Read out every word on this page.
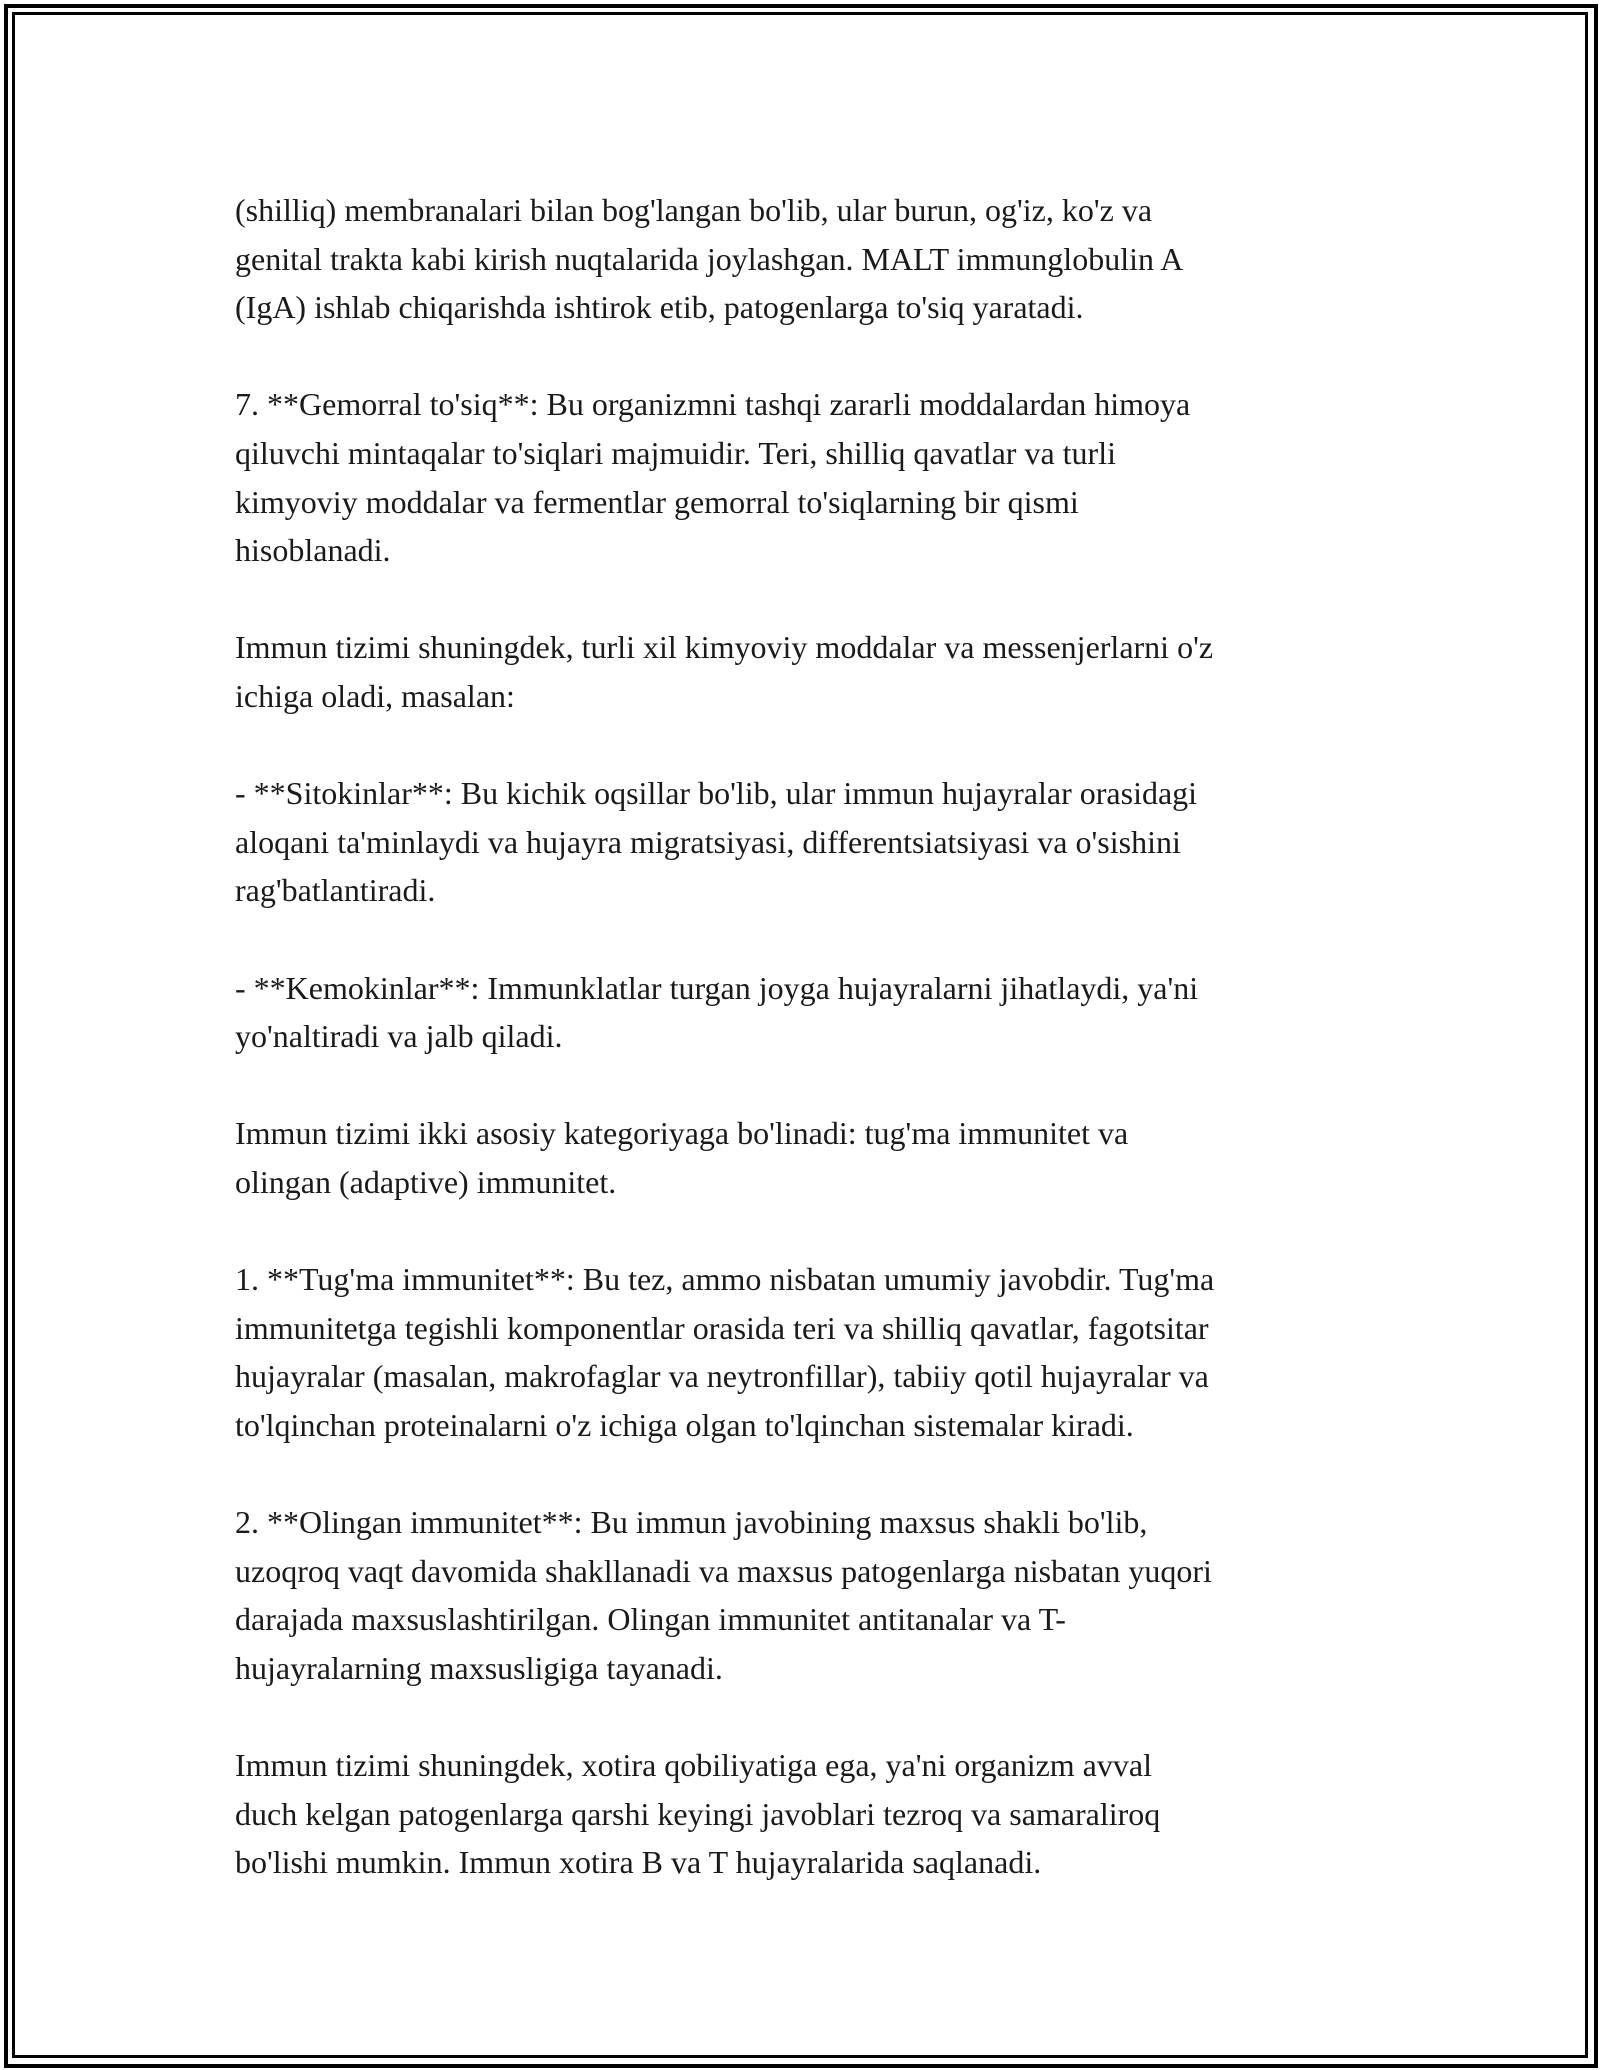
(shilliq) membranalari bilan bog'langan bo'lib, ular burun, og'iz, ko'z va
genital trakta kabi kirish nuqtalarida joylashgan. MALT immunglobulin A
(IgA) ishlab chiqarishda ishtirok etib, patogenlarga to'siq yaratadi.

7. **Gemorral to'siq**: Bu organizmni tashqi zararli moddalardan himoya
qiluvchi mintaqalar to'siqlari majmuidir. Teri, shilliq qavatlar va turli
kimyoviy moddalar va fermentlar gemorral to'siqlarning bir qismi
hisoblanadi.

Immun tizimi shuningdek, turli xil kimyoviy moddalar va messenjerlarni o'z
ichiga oladi, masalan:

- **Sitokinlar**: Bu kichik oqsillar bo'lib, ular immun hujayralar orasidagi
aloqani ta'minlaydi va hujayra migratsiyasi, differentsiatsiyasi va o'sishini
rag'batlantiradi.

- **Kemokinlar**: Immunklatlar turgan joyga hujayralarni jihatlaydi, ya'ni
yo'naltiradi va jalb qiladi.

Immun tizimi ikki asosiy kategoriyaga bo'linadi: tug'ma immunitet va
olingan (adaptive) immunitet.

1. **Tug'ma immunitet**: Bu tez, ammo nisbatan umumiy javobdir. Tug'ma
immunitetga tegishli komponentlar orasida teri va shilliq qavatlar, fagotsitar
hujayralar (masalan, makrofaglar va neytronfillar), tabiiy qotil hujayralar va
to'lqinchan proteinalarni o'z ichiga olgan to'lqinchan sistemalar kiradi.

2. **Olingan immunitet**: Bu immun javobining maxsus shakli bo'lib,
uzoqroq vaqt davomida shakllanadi va maxsus patogenlarga nisbatan yuqori
darajada maxsuslashtirilgan. Olingan immunitet antitanalar va T-
hujayralarning maxsusligiga tayanadi.

Immun tizimi shuningdek, xotira qobiliyatiga ega, ya'ni organizm avval
duch kelgan patogenlarga qarshi keyingi javoblari tezroq va samaraliroq
bo'lishi mumkin. Immun xotira B va T hujayralarida saqlanadi.
